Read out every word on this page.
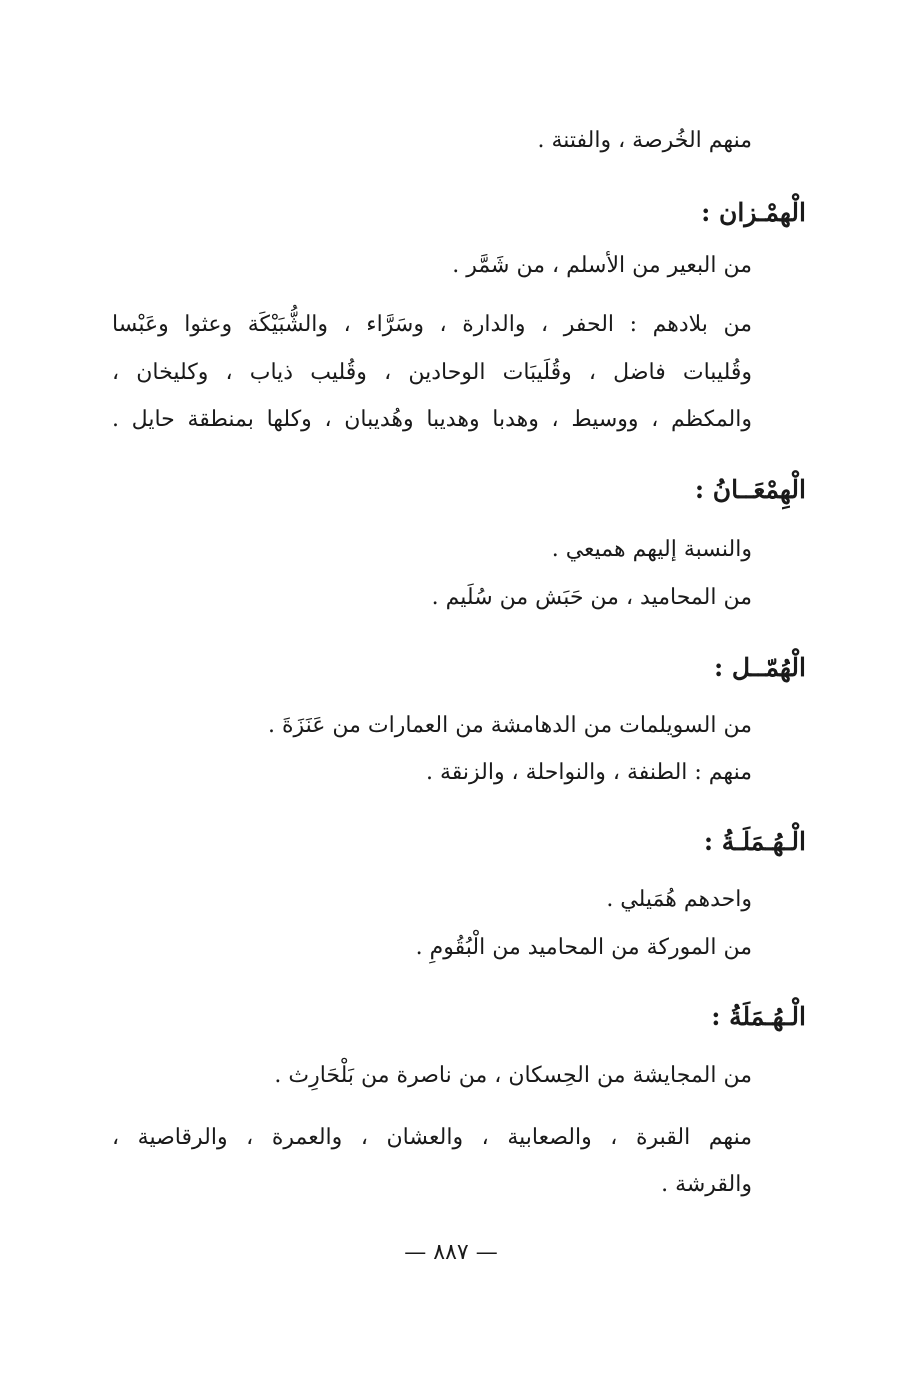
منهم الخُرصة ، والفتنة .
الْهمْـزان :
من البعير من الأسلم ، من شَمَّر .
من بلادهم : الحفر ، والدارة ، وسَرَّاء ، والشُّبَيْكَة وعثوا وعَبْسا
وقُليبات فاضل ، وقُلَيبَات الوحادين ، وقُليب ذياب ، وكليخان ،
والمكظم ، ووسيط ، وهدبا وهديبا وهُديبان ، وكلها بمنطقة حايل .
الْهِمْعَــانُ :
والنسبة إليهم هميعي .
من المحاميد ، من حَبَش من سُلَيم .
الْهُمّــل :
من السويلمات من الدهامشة من العمارات من عَنَزَةَ .
منهم : الطنفة ، والنواحلة ، والزنقة .
الْـهُـمَلَـةُ :
واحدهم هُمَيلي .
من الموركة من المحاميد من الْبُقُومِ .
الْـهُـمَلَةُ :
من المجايشة من الحِسكان ، من ناصرة من بَلْحَارِث .
منهم القبرة ، والصعابية ، والعشان ، والعمرة ، والرقاصية ،
والقرشة .
— ٨٨٧ —
